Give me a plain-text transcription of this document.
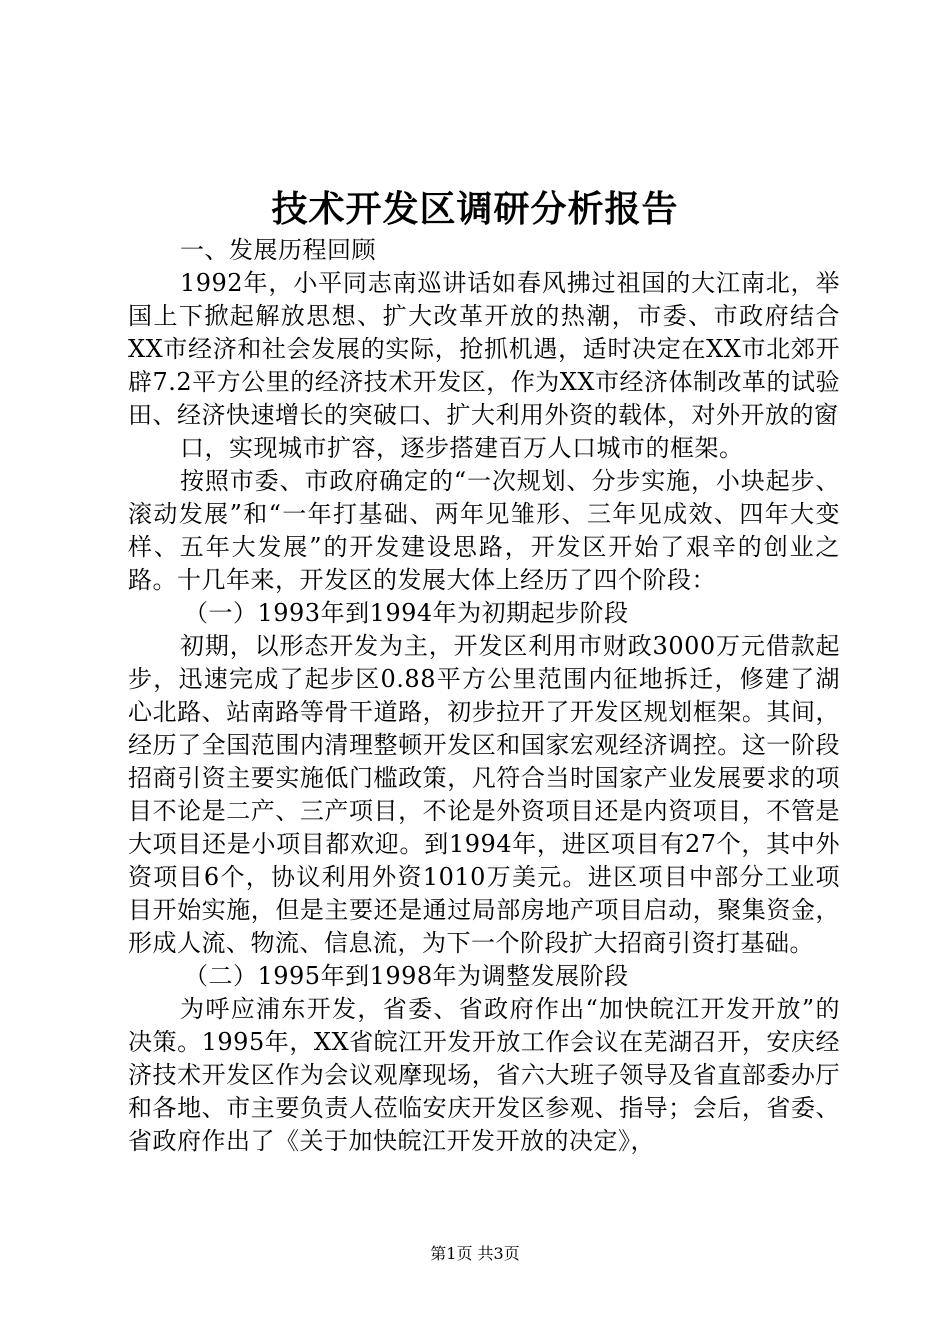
技术开发区调研分析报告

一、发展历程回顾

1992年，小平同志南巡讲话如春风拂过祖国的大江南北，举国上下掀起解放思想、扩大改革开放的热潮，市委、市政府结合XX市经济和社会发展的实际，抢抓机遇，适时决定在XX市北郊开辟7.2平方公里的经济技术开发区，作为XX市经济体制改革的试验田、经济快速增长的突破口、扩大利用外资的载体，对外开放的窗

口，实现城市扩容，逐步搭建百万人口城市的框架。

按照市委、市政府确定的“一次规划、分步实施，小块起步、滚动发展”和“一年打基础、两年见雏形、三年见成效、四年大变样、五年大发展”的开发建设思路，开发区开始了艰辛的创业之路。十几年来，开发区的发展大体上经历了四个阶段：

（一）1993年到1994年为初期起步阶段

初期，以形态开发为主，开发区利用市财政3000万元借款起步，迅速完成了起步区0.88平方公里范围内征地拆迁，修建了湖心北路、站南路等骨干道路，初步拉开了开发区规划框架。其间，经历了全国范围内清理整顿开发区和国家宏观经济调控。这一阶段招商引资主要实施低门槛政策，凡符合当时国家产业发展要求的项目不论是二产、三产项目，不论是外资项目还是内资项目，不管是大项目还是小项目都欢迎。到1994年，进区项目有27个，其中外资项目6个，协议利用外资1010万美元。进区项目中部分工业项目开始实施，但是主要还是通过局部房地产项目启动，聚集资金，形成人流、物流、信息流，为下一个阶段扩大招商引资打基础。

（二）1995年到1998年为调整发展阶段

为呼应浦东开发，省委、省政府作出“加快皖江开发开放”的决策。1995年，XX省皖江开发开放工作会议在芜湖召开，安庆经济技术开发区作为会议观摩现场，省六大班子领导及省直部委办厅和各地、市主要负责人莅临安庆开发区参观、指导；会后，省委、省政府作出了《关于加快皖江开发开放的决定》，

第1页 共3页
